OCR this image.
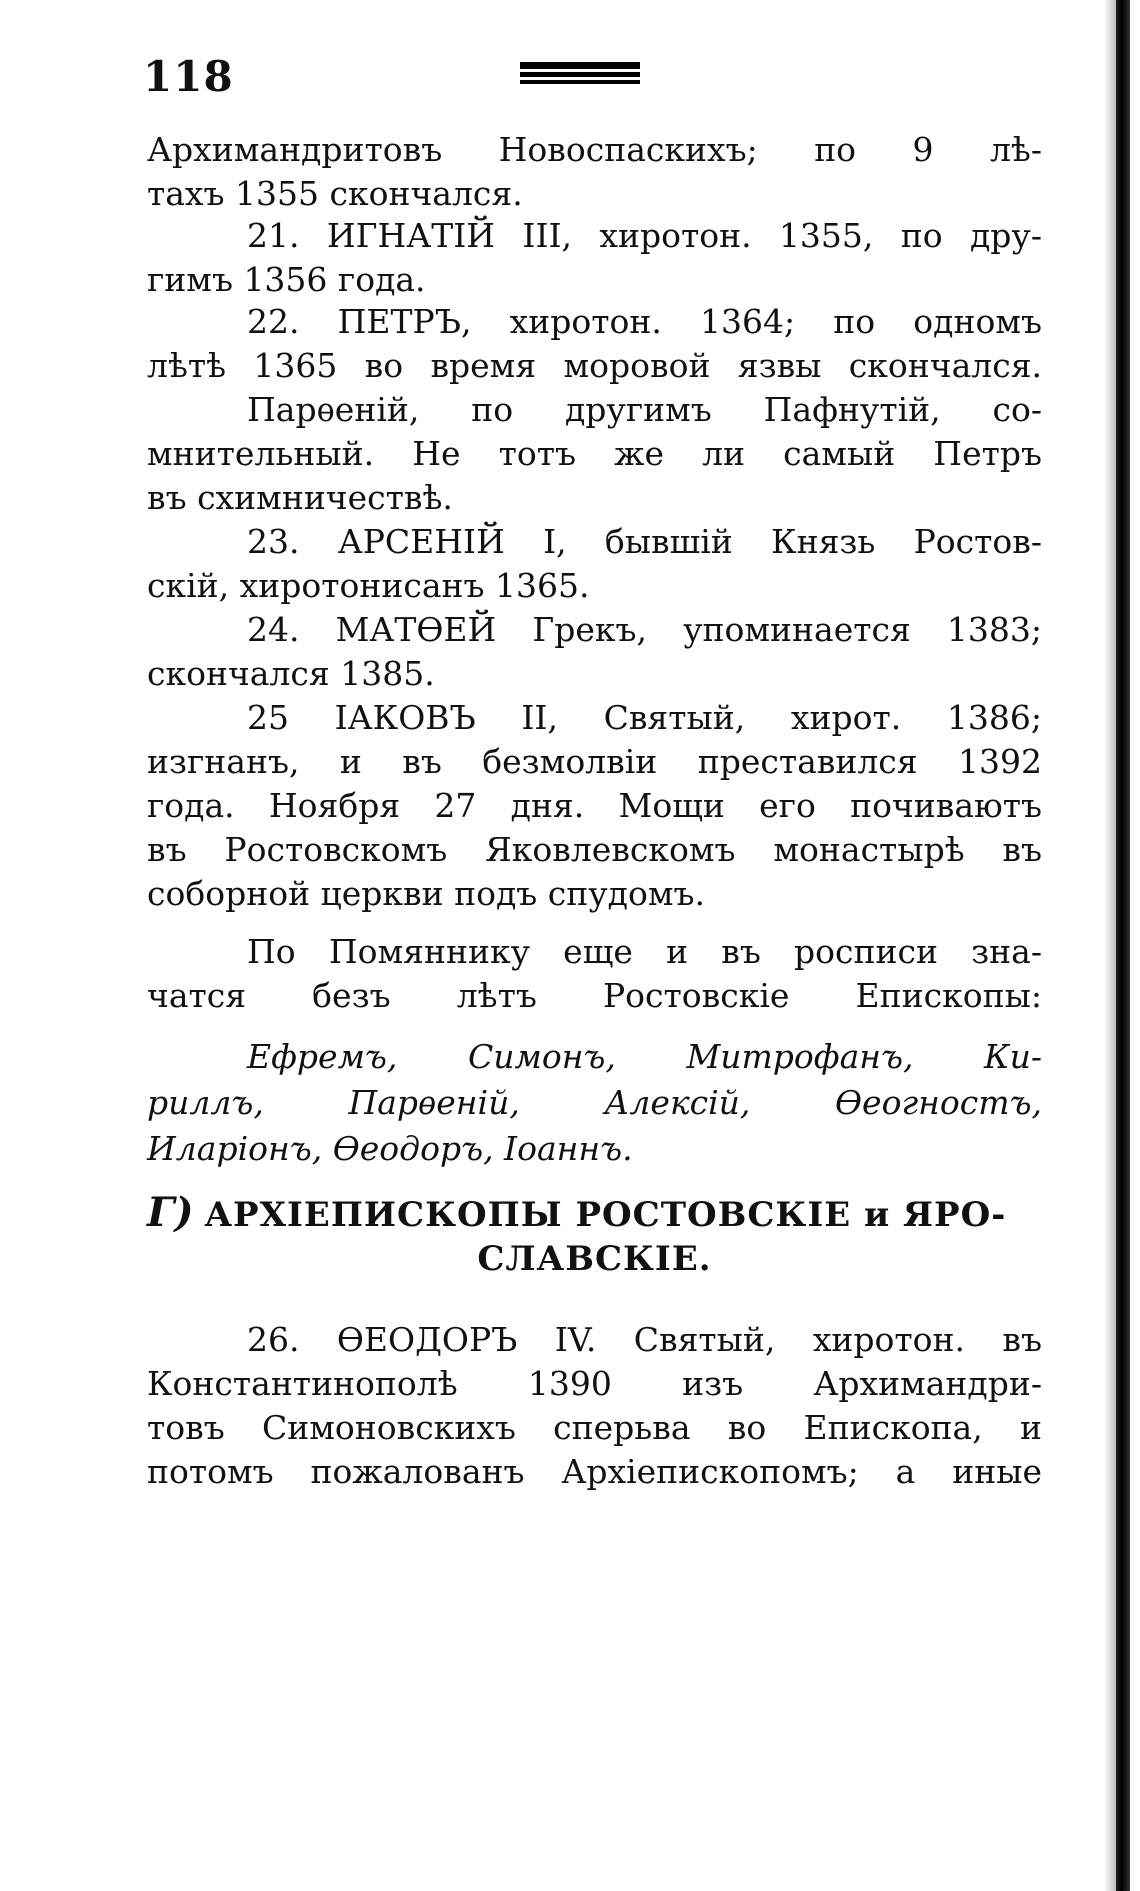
118
Архимандритовъ Новоспаскихъ; по 9 лѣ-
тахъ 1355 скончался.
21. ИГНАТІЙ III, хиротон. 1355, по дру-
гимъ 1356 года.
22. ПЕТРЪ, хиротон. 1364; по одномъ
лѣтѣ 1365 во время моровой язвы скончался.
Парѳеній, по другимъ Пафнутій, со-
мнительный. Не тотъ же ли самый Петръ
въ схимничествѣ.
23. АРСЕНІЙ I, бывшій Князь Ростов-
скій, хиротонисанъ 1365.
24. МАТѲЕЙ Грекъ, упоминается 1383;
скончался 1385.
25 ІАКОВЪ II, Святый, хирот. 1386;
изгнанъ, и въ безмолвіи преставился 1392
года. Ноября 27 дня. Мощи его почиваютъ
въ Ростовскомъ Яковлевскомъ монастырѣ въ
соборной церкви подъ спудомъ.
По Помяннику еще и въ росписи зна-
чатся безъ лѣтъ Ростовскіе Епископы:
Ефремъ, Симонъ, Митрофанъ, Ки-
риллъ, Парѳеній, Алексій, Ѳеогностъ,
Иларіонъ, Ѳеодоръ, Іоаннъ.
Г) АРХІЕПИСКОПЫ РОСТОВСКІЕ и ЯРО-
СЛАВСКІЕ.
26. ѲЕОДОРЪ IV. Святый, хиротон. въ
Константинополѣ 1390 изъ Архимандри-
товъ Симоновскихъ сперьва во Епископа, и
потомъ пожалованъ Архіепископомъ; а иные
